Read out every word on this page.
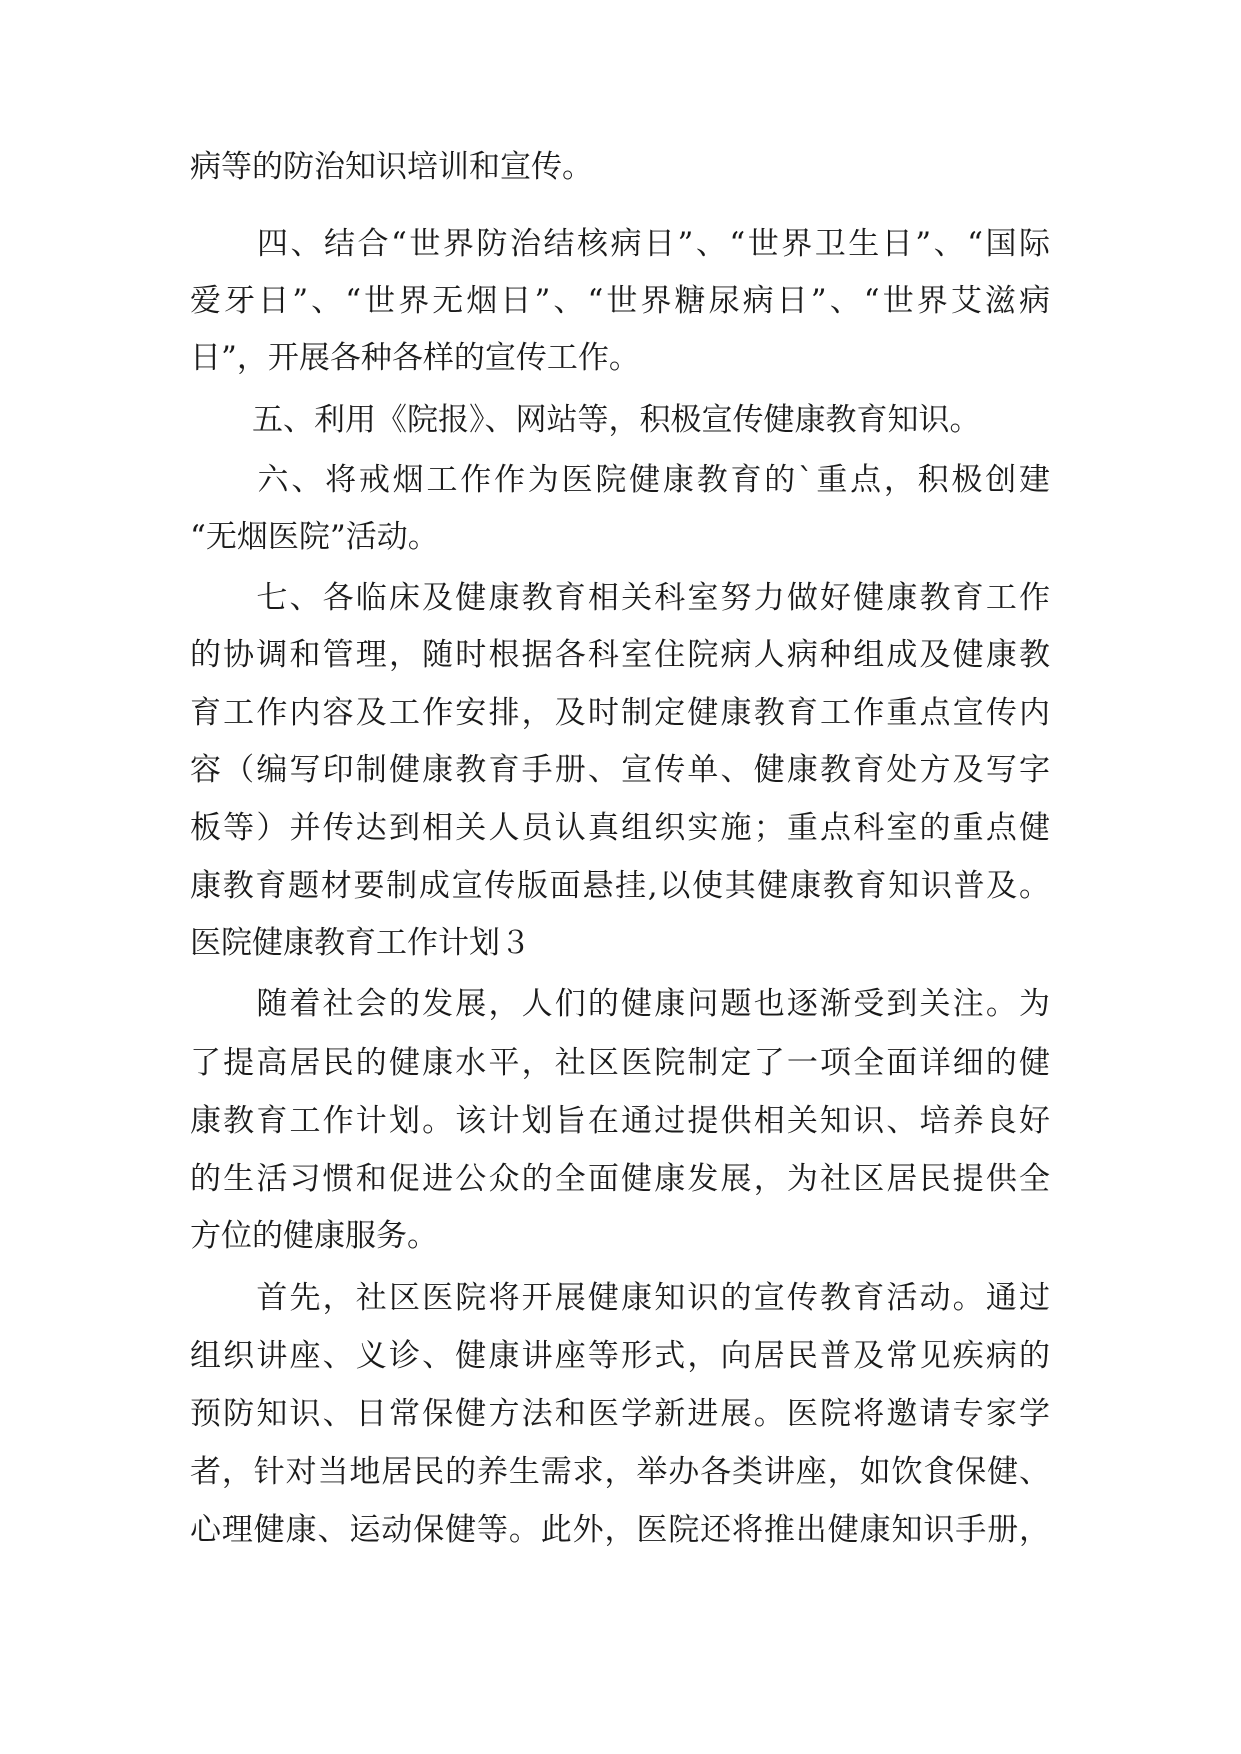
病等的防治知识培训和宣传。
　　四、结合“世界防治结核病日”、“世界卫生日”、“国际
爱牙日”、“世界无烟日”、“世界糖尿病日”、“世界艾滋病
日”，开展各种各样的宣传工作。
　　五、利用《院报》、网站等，积极宣传健康教育知识。
　　六、将戒烟工作作为医院健康教育的`重点，积极创建
“无烟医院”活动。
　　七、各临床及健康教育相关科室努力做好健康教育工作
的协调和管理，随时根据各科室住院病人病种组成及健康教
育工作内容及工作安排，及时制定健康教育工作重点宣传内
容（编写印制健康教育手册、宣传单、健康教育处方及写字
板等）并传达到相关人员认真组织实施；重点科室的重点健
康教育题材要制成宣传版面悬挂,以使其健康教育知识普及。
医院健康教育工作计划３
　　随着社会的发展，人们的健康问题也逐渐受到关注。为
了提高居民的健康水平，社区医院制定了一项全面详细的健
康教育工作计划。该计划旨在通过提供相关知识、培养良好
的生活习惯和促进公众的全面健康发展，为社区居民提供全
方位的健康服务。
　　首先，社区医院将开展健康知识的宣传教育活动。通过
组织讲座、义诊、健康讲座等形式，向居民普及常见疾病的
预防知识、日常保健方法和医学新进展。医院将邀请专家学
者，针对当地居民的养生需求，举办各类讲座，如饮食保健、
心理健康、运动保健等。此外，医院还将推出健康知识手册，
